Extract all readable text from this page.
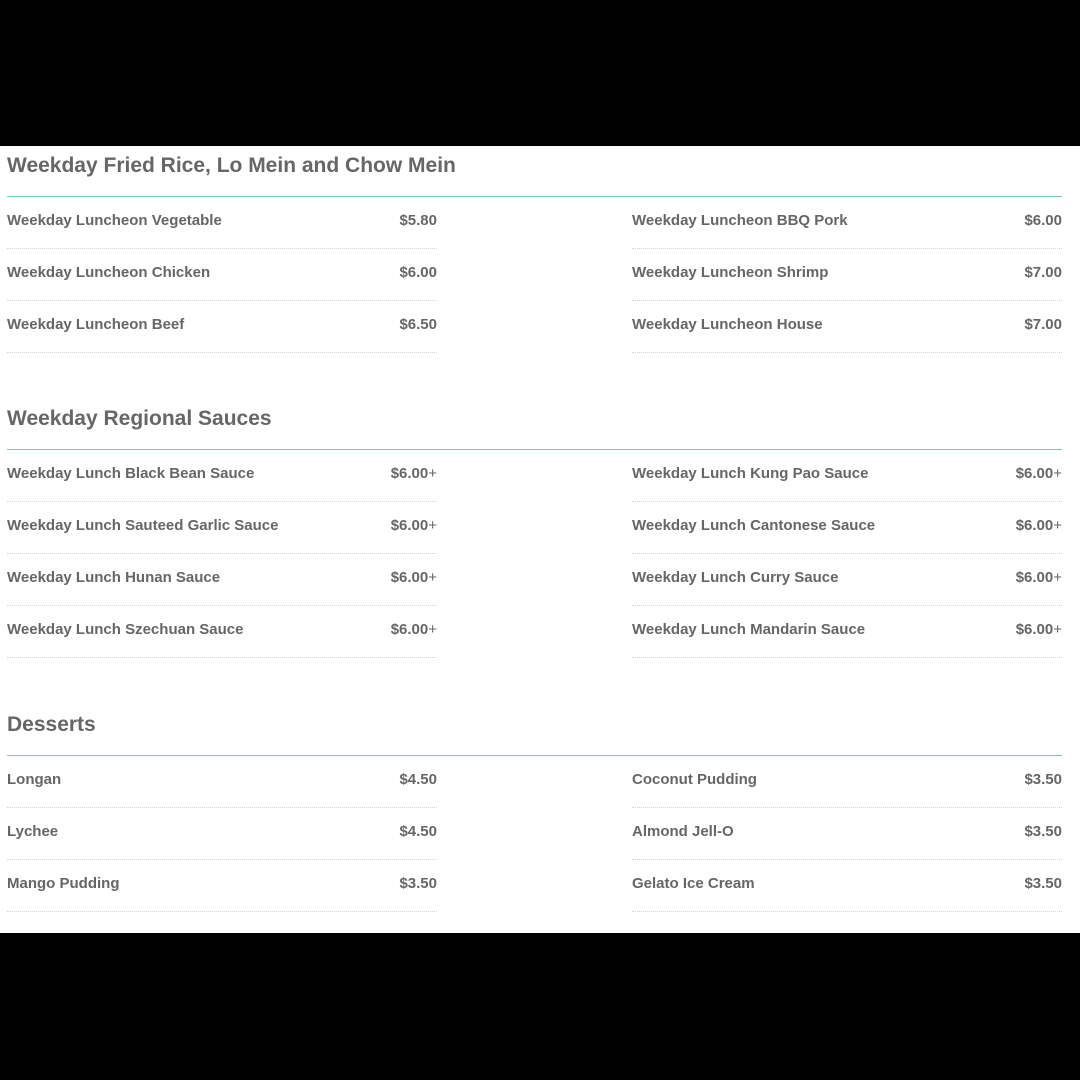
Weekday Fried Rice, Lo Mein and Chow Mein
Weekday Luncheon Vegetable	$5.80
Weekday Luncheon Chicken	$6.00
Weekday Luncheon Beef	$6.50
Weekday Luncheon BBQ Pork	$6.00
Weekday Luncheon Shrimp	$7.00
Weekday Luncheon House	$7.00
Weekday Regional Sauces
Weekday Lunch Black Bean Sauce	$6.00+
Weekday Lunch Sauteed Garlic Sauce	$6.00+
Weekday Lunch Hunan Sauce	$6.00+
Weekday Lunch Szechuan Sauce	$6.00+
Weekday Lunch Kung Pao Sauce	$6.00+
Weekday Lunch Cantonese Sauce	$6.00+
Weekday Lunch Curry Sauce	$6.00+
Weekday Lunch Mandarin Sauce	$6.00+
Desserts
Longan	$4.50
Lychee	$4.50
Mango Pudding	$3.50
Coconut Pudding	$3.50
Almond Jell-O	$3.50
Gelato Ice Cream	$3.50
